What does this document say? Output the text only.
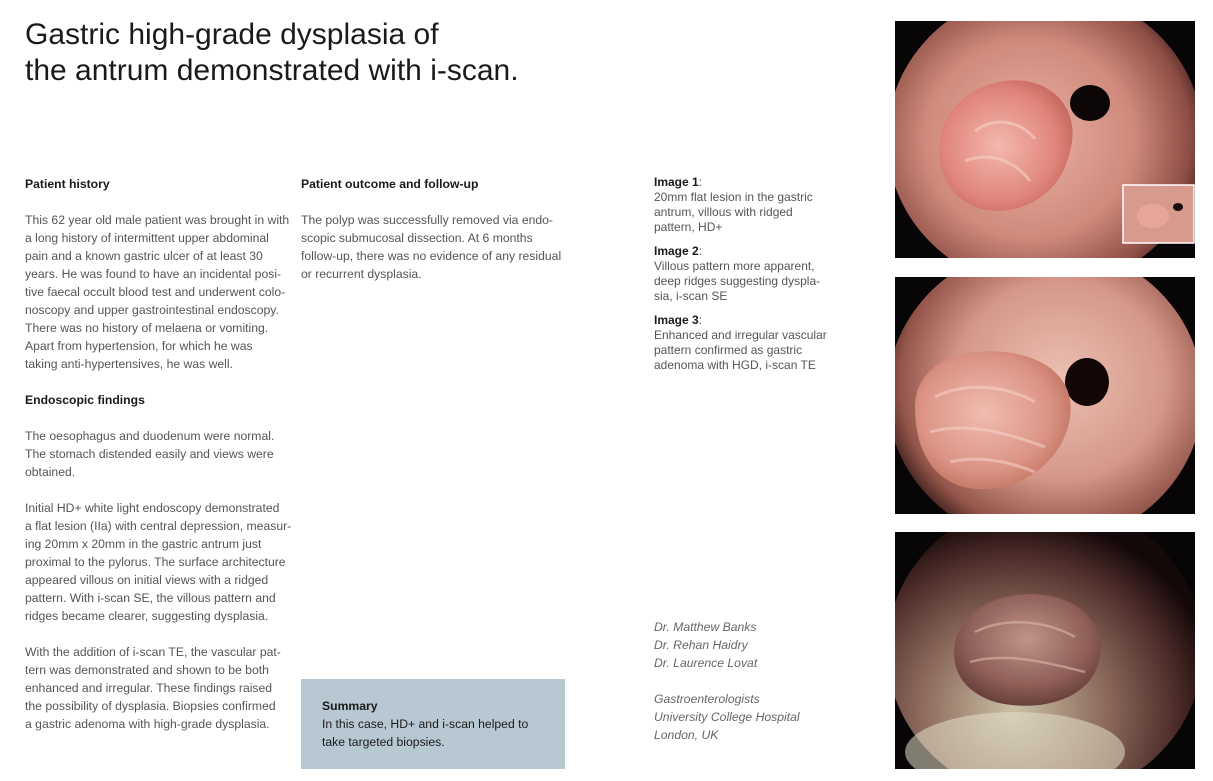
Gastric high-grade dysplasia of
the antrum demonstrated with i-scan.
Patient history

This 62 year old male patient was brought in with
a long history of intermittent upper abdominal
pain and a known gastric ulcer of at least 30
years. He was found to have an incidental posi-
tive faecal occult blood test and underwent colo-
noscopy and upper gastrointestinal endoscopy.
There was no history of melaena or vomiting.
Apart from hypertension, for which he was
taking anti-hypertensives, he was well.

Endoscopic findings

The oesophagus and duodenum were normal.
The stomach distended easily and views were
obtained.

Initial HD+ white light endoscopy demonstrated
a flat lesion (IIa) with central depression, measur-
ing 20mm x 20mm in the gastric antrum just
proximal to the pylorus. The surface architecture
appeared villous on initial views with a ridged
pattern. With i-scan SE, the villous pattern and
ridges became clearer, suggesting dysplasia.

With the addition of i-scan TE, the vascular pat-
tern was demonstrated and shown to be both
enhanced and irregular. These findings raised
the possibility of dysplasia. Biopsies confirmed
a gastric adenoma with high-grade dysplasia.

Patient outcome and follow-up

The polyp was successfully removed via endo-
scopic submucosal dissection. At 6 months
follow-up, there was no evidence of any residual
or recurrent dysplasia.

Summary

In this case, HD+ and i-scan helped to
take targeted biopsies.

Image 1:
20mm flat lesion in the gastric
antrum, villous with ridged
pattern, HD+
Image 2:
Villous pattern more apparent,
deep ridges suggesting dyspla-
sia, i-scan SE
Image 3:
Enhanced and irregular vascular
pattern confirmed as gastric
adenoma with HGD, i-scan TE
Dr. Matthew Banks
Dr. Rehan Haidry
Dr. Laurence Lovat

Gastroenterologists
University College Hospital
London, UK
